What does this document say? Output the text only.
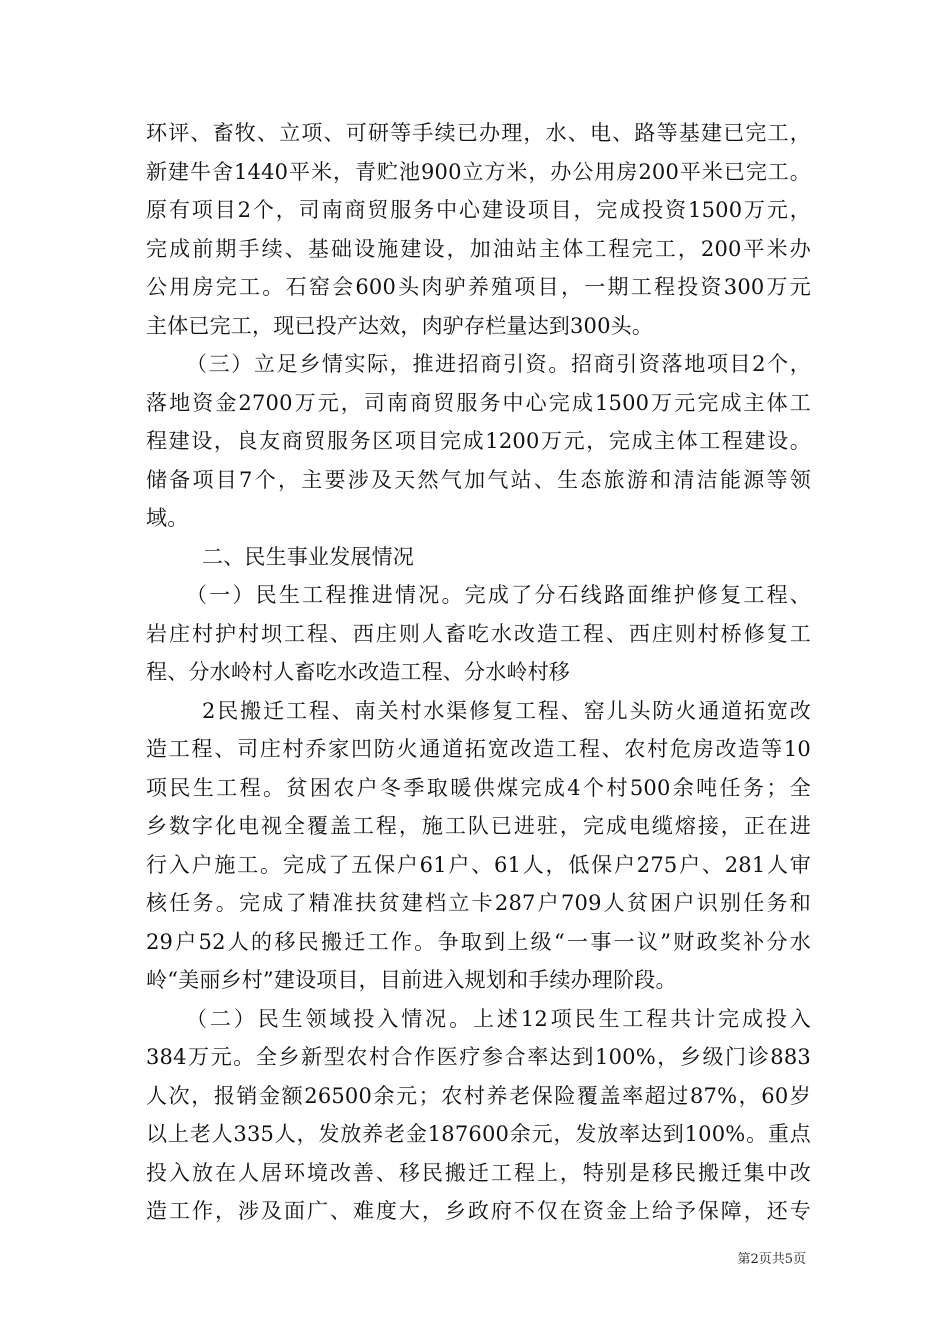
环评、畜牧、立项、可研等手续已办理，水、电、路等基建已完工，
新建牛舍1440平米，青贮池900立方米，办公用房200平米已完工。
原有项目2个，司南商贸服务中心建设项目，完成投资1500万元，
完成前期手续、基础设施建设，加油站主体工程完工，200平米办
公用房完工。石窑会600头肉驴养殖项目，一期工程投资300万元
主体已完工，现已投产达效，肉驴存栏量达到300头。
（三）立足乡情实际，推进招商引资。招商引资落地项目2个，
落地资金2700万元，司南商贸服务中心完成1500万元完成主体工
程建设，良友商贸服务区项目完成1200万元，完成主体工程建设。
储备项目7个，主要涉及天然气加气站、生态旅游和清洁能源等领
域。
二、民生事业发展情况
（一）民生工程推进情况。完成了分石线路面维护修复工程、
岩庄村护村坝工程、西庄则人畜吃水改造工程、西庄则村桥修复工
程、分水岭村人畜吃水改造工程、分水岭村移
2民搬迁工程、南关村水渠修复工程、窑儿头防火通道拓宽改
造工程、司庄村乔家凹防火通道拓宽改造工程、农村危房改造等10
项民生工程。贫困农户冬季取暖供煤完成4个村500余吨任务；全
乡数字化电视全覆盖工程，施工队已进驻，完成电缆熔接，正在进
行入户施工。完成了五保户61户、61人，低保户275户、281人审
核任务。完成了精准扶贫建档立卡287户709人贫困户识别任务和
29户52人的移民搬迁工作。争取到上级“一事一议”财政奖补分水
岭“美丽乡村”建设项目，目前进入规划和手续办理阶段。
（二）民生领域投入情况。上述12项民生工程共计完成投入
384万元。全乡新型农村合作医疗参合率达到100%，乡级门诊883
人次，报销金额26500余元；农村养老保险覆盖率超过87%，60岁
以上老人335人，发放养老金187600余元，发放率达到100%。重点
投入放在人居环境改善、移民搬迁工程上，特别是移民搬迁集中改
造工作，涉及面广、难度大，乡政府不仅在资金上给予保障，还专
第2页共5页
